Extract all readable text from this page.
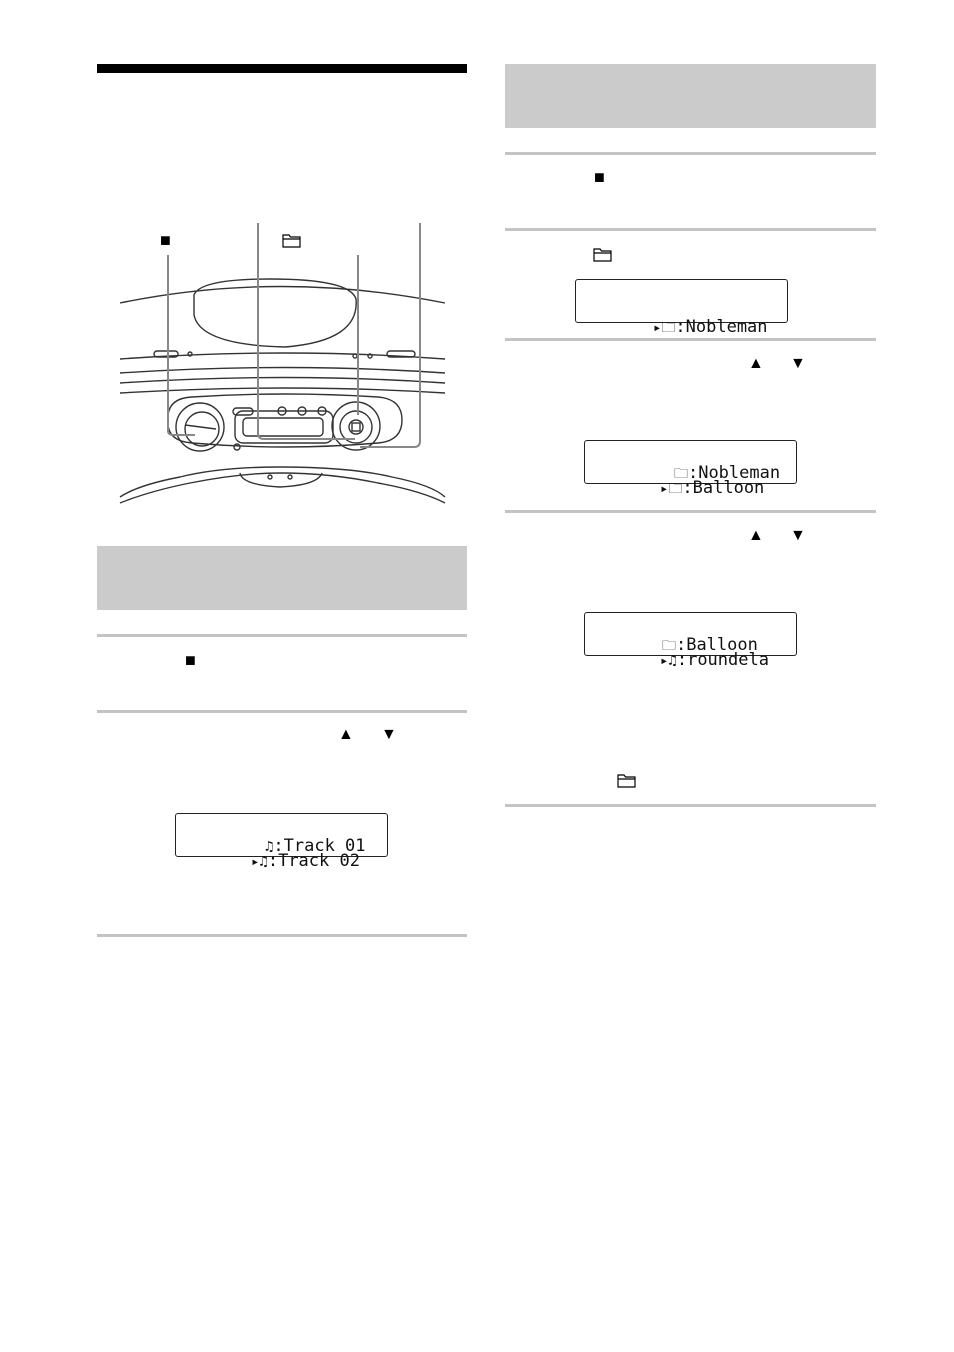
■
■
▲ ▼

♫:Track 01

▸♫:Track 02

■

▸🗀:Nobleman

▲ ▼

🗀:Nobleman

▸🗀:Balloon

▲ ▼

🗀:Balloon

▸♫:roundela
